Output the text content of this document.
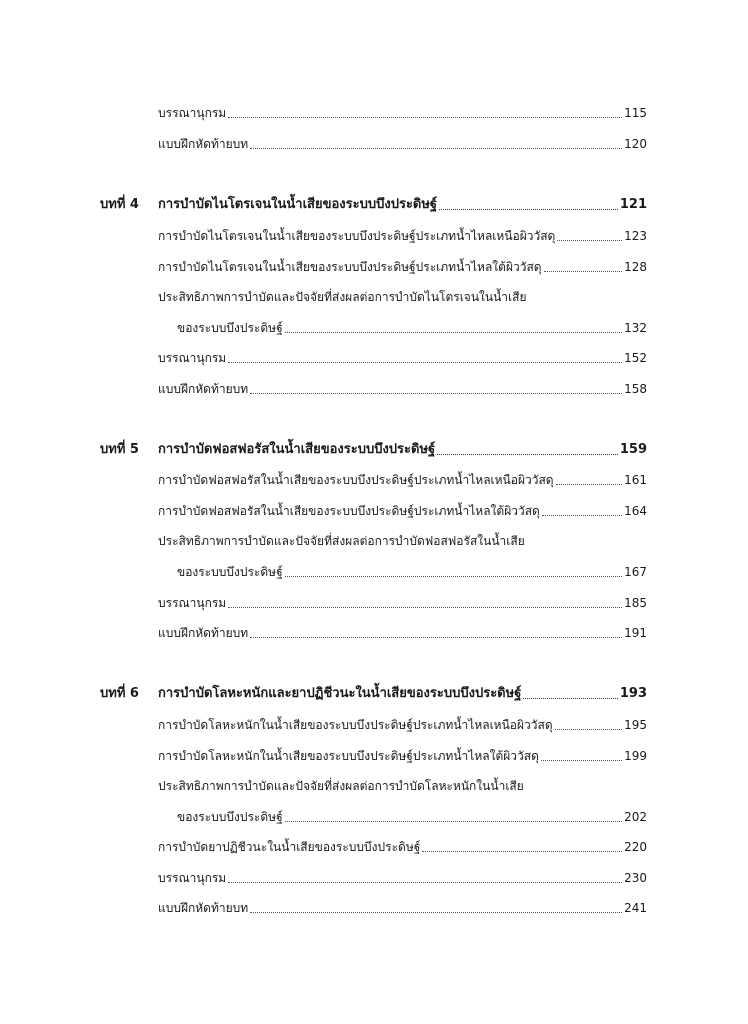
บรรณานุกรม	115
แบบฝึกหัดท้ายบท	120
บทที่ 4	การบำบัดไนโตรเจนในน้ำเสียของระบบบึงประดิษฐ์	121
การบำบัดไนโตรเจนในน้ำเสียของระบบบึงประดิษฐ์ประเภทน้ำไหลเหนือผิววัสดุ	123
การบำบัดไนโตรเจนในน้ำเสียของระบบบึงประดิษฐ์ประเภทน้ำไหลใต้ผิววัสดุ	128
ประสิทธิภาพการบำบัดและปัจจัยที่ส่งผลต่อการบำบัดไนโตรเจนในน้ำเสีย
ของระบบบึงประดิษฐ์	132
บรรณานุกรม	152
แบบฝึกหัดท้ายบท	158
บทที่ 5	การบำบัดฟอสฟอรัสในน้ำเสียของระบบบึงประดิษฐ์	159
การบำบัดฟอสฟอรัสในน้ำเสียของระบบบึงประดิษฐ์ประเภทน้ำไหลเหนือผิววัสดุ	161
การบำบัดฟอสฟอรัสในน้ำเสียของระบบบึงประดิษฐ์ประเภทน้ำไหลใต้ผิววัสดุ	164
ประสิทธิภาพการบำบัดและปัจจัยที่ส่งผลต่อการบำบัดฟอสฟอรัสในน้ำเสีย
ของระบบบึงประดิษฐ์	167
บรรณานุกรม	185
แบบฝึกหัดท้ายบท	191
บทที่ 6	การบำบัดโลหะหนักและยาปฏิชีวนะในน้ำเสียของระบบบึงประดิษฐ์	193
การบำบัดโลหะหนักในน้ำเสียของระบบบึงประดิษฐ์ประเภทน้ำไหลเหนือผิววัสดุ	195
การบำบัดโลหะหนักในน้ำเสียของระบบบึงประดิษฐ์ประเภทน้ำไหลใต้ผิววัสดุ	199
ประสิทธิภาพการบำบัดและปัจจัยที่ส่งผลต่อการบำบัดโลหะหนักในน้ำเสีย
ของระบบบึงประดิษฐ์	202
การบำบัดยาปฏิชีวนะในน้ำเสียของระบบบึงประดิษฐ์	220
บรรณานุกรม	230
แบบฝึกหัดท้ายบท	241
